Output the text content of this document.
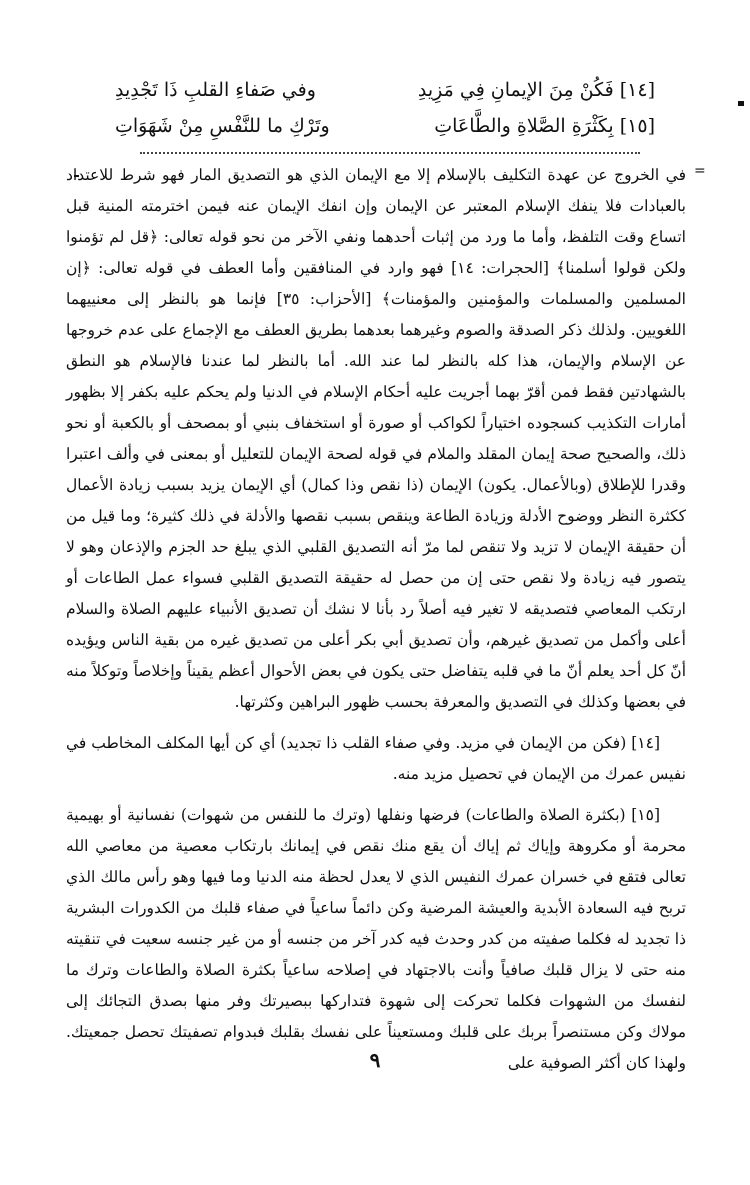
[١٤] فَكُنْ مِنَ الإيمانِ فِي مَزِيدِ
وفي صَفاءِ القلبِ ذَا تَجْدِيدِ
[١٥] بِكَثْرَةِ الصَّلاةِ والطَّاعَاتِ
وتَرْكِ ما للنَّفْسِ مِنْ شَهَوَاتِ
=

في الخروج عن عهدة التكليف بالإسلام إلا مع الإيمان الذي هو التصديق المار فهو شرط للاعتداد بالعبادات فلا ينفك الإسلام المعتبر عن الإيمان وإن انفك الإيمان عنه فيمن اخترمته المنية قبل اتساع وقت التلفظ، وأما ما ورد من إثبات أحدهما ونفي الآخر من نحو قوله تعالى: ﴿قل لم تؤمنوا ولكن قولوا أسلمنا﴾ [الحجرات: ١٤] فهو وارد في المنافقين وأما العطف في قوله تعالى: ﴿إن المسلمين والمسلمات والمؤمنين والمؤمنات﴾ [الأحزاب: ٣٥] فإنما هو بالنظر إلى معنييهما اللغويين. ولذلك ذكر الصدقة والصوم وغيرهما بعدهما بطريق العطف مع الإجماع على عدم خروجها عن الإسلام والإيمان، هذا كله بالنظر لما عند الله. أما بالنظر لما عندنا فالإسلام هو النطق بالشهادتين فقط فمن أقرّ بهما أجريت عليه أحكام الإسلام في الدنيا ولم يحكم عليه بكفر إلا بظهور أمارات التكذيب كسجوده اختياراً لكواكب أو صورة أو استخفاف بنبي أو بمصحف أو بالكعبة أو نحو ذلك، والصحيح صحة إيمان المقلد والملام في قوله لصحة الإيمان للتعليل أو بمعنى في وألف اعتبرا وقدرا للإطلاق (وبالأعمال. يكون) الإيمان (ذا نقص وذا كمال) أي الإيمان يزيد بسبب زيادة الأعمال ككثرة النظر ووضوح الأدلة وزيادة الطاعة وينقص بسبب نقصها والأدلة في ذلك كثيرة؛ وما قيل من أن حقيقة الإيمان لا تزيد ولا تنقص لما مرّ أنه التصديق القلبي الذي يبلغ حد الجزم والإذعان وهو لا يتصور فيه زيادة ولا نقص حتى إن من حصل له حقيقة التصديق القلبي فسواء عمل الطاعات أو ارتكب المعاصي فتصديقه لا تغير فيه أصلاً رد بأنا لا نشك أن تصديق الأنبياء عليهم الصلاة والسلام أعلى وأكمل من تصديق غيرهم، وأن تصديق أبي بكر أعلى من تصديق غيره من بقية الناس ويؤيده أنّ كل أحد يعلم أنّ ما في قلبه يتفاضل حتى يكون في بعض الأحوال أعظم يقيناً وإخلاصاً وتوكلاً منه في بعضها وكذلك في التصديق والمعرفة بحسب ظهور البراهين وكثرتها.

[١٤] (فكن من الإيمان في مزيد. وفي صفاء القلب ذا تجديد) أي كن أيها المكلف المخاطب في نفيس عمرك من الإيمان في تحصيل مزيد منه.

[١٥] (بكثرة الصلاة والطاعات) فرضها ونفلها (وترك ما للنفس من شهوات) نفسانية أو بهيمية محرمة أو مكروهة وإياك ثم إياك أن يقع منك نقص في إيمانك بارتكاب معصية من معاصي الله تعالى فتقع في خسران عمرك النفيس الذي لا يعدل لحظة منه الدنيا وما فيها وهو رأس مالك الذي تربح فيه السعادة الأبدية والعيشة المرضية وكن دائماً ساعياً في صفاء قلبك من الكدورات البشرية ذا تجديد له فكلما صفيته من كدر وحدث فيه كدر آخر من جنسه أو من غير جنسه سعيت في تنقيته منه حتى لا يزال قلبك صافياً وأنت بالاجتهاد في إصلاحه ساعياً بكثرة الصلاة والطاعات وترك ما لنفسك من الشهوات فكلما تحركت إلى شهوة فتداركها ببصيرتك وفر منها بصدق التجائك إلى مولاك وكن مستنصراً بربك على قلبك ومستعيناً على نفسك بقلبك فبدوام تصفيتك تحصل جمعيتك. ولهذا كان أكثر الصوفية على

٩
